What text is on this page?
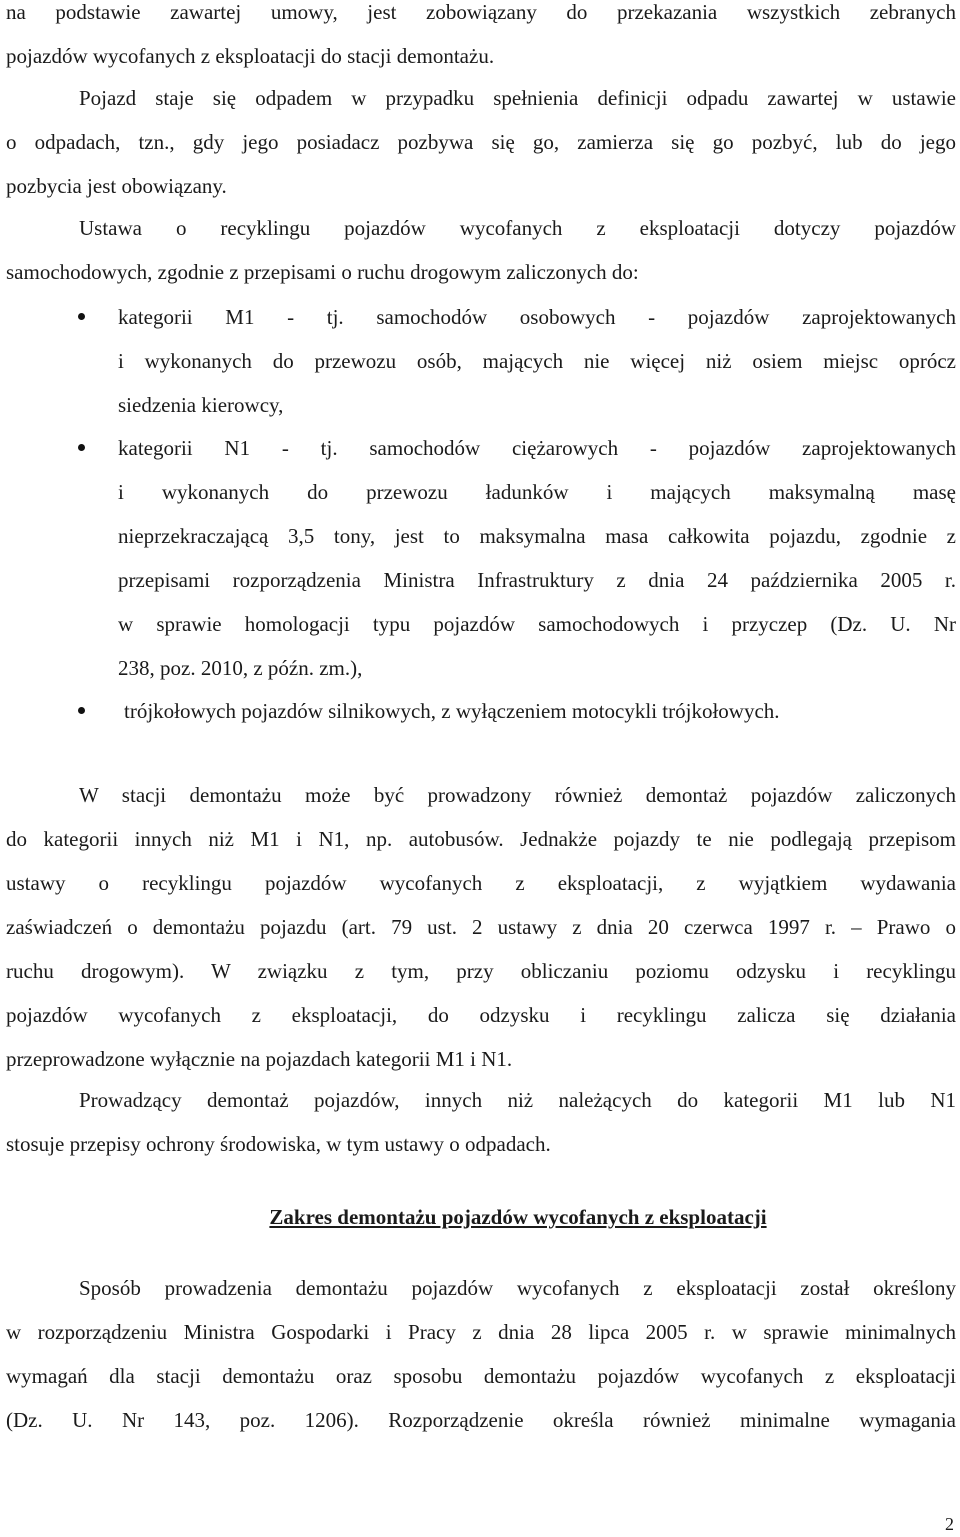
na podstawie zawartej umowy, jest zobowiązany do przekazania wszystkich zebranych
pojazdów wycofanych z eksploatacji do stacji demontażu.
Pojazd staje się odpadem w przypadku spełnienia definicji odpadu zawartej w ustawie
o odpadach, tzn., gdy jego posiadacz pozbywa się go, zamierza się go pozbyć, lub do jego
pozbycia jest obowiązany.
Ustawa o recyklingu pojazdów wycofanych z eksploatacji dotyczy pojazdów
samochodowych, zgodnie z przepisami o ruchu drogowym zaliczonych do:
kategorii M1 - tj. samochodów osobowych - pojazdów zaprojektowanych
i wykonanych do przewozu osób, mających nie więcej niż osiem miejsc oprócz
siedzenia kierowcy,
kategorii N1 - tj. samochodów ciężarowych - pojazdów zaprojektowanych
i wykonanych do przewozu ładunków i mających maksymalną masę
nieprzekraczającą 3,5 tony, jest to maksymalna masa całkowita pojazdu, zgodnie z
przepisami rozporządzenia Ministra Infrastruktury z dnia 24 października 2005 r.
w sprawie homologacji typu pojazdów samochodowych i przyczep (Dz. U. Nr
238, poz. 2010, z późn. zm.),
trójkołowych pojazdów silnikowych, z wyłączeniem motocykli trójkołowych.
W stacji demontażu może być prowadzony również demontaż pojazdów zaliczonych
do kategorii innych niż M1 i N1, np. autobusów. Jednakże pojazdy te nie podlegają przepisom
ustawy o recyklingu pojazdów wycofanych z eksploatacji, z wyjątkiem wydawania
zaświadczeń o demontażu pojazdu (art. 79 ust. 2 ustawy z dnia 20 czerwca 1997 r. – Prawo o
ruchu drogowym). W związku z tym, przy obliczaniu poziomu odzysku i recyklingu
pojazdów wycofanych z eksploatacji, do odzysku i recyklingu zalicza się działania
przeprowadzone wyłącznie na pojazdach kategorii M1 i N1.
Prowadzący demontaż pojazdów, innych niż należących do kategorii M1 lub N1
stosuje przepisy ochrony środowiska, w tym ustawy o odpadach.
Zakres demontażu pojazdów wycofanych z eksploatacji
Sposób prowadzenia demontażu pojazdów wycofanych z eksploatacji został określony
w rozporządzeniu Ministra Gospodarki i Pracy z dnia 28 lipca 2005 r. w sprawie minimalnych
wymagań dla stacji demontażu oraz sposobu demontażu pojazdów wycofanych z eksploatacji
(Dz. U. Nr 143, poz. 1206). Rozporządzenie określa również minimalne wymagania
2
